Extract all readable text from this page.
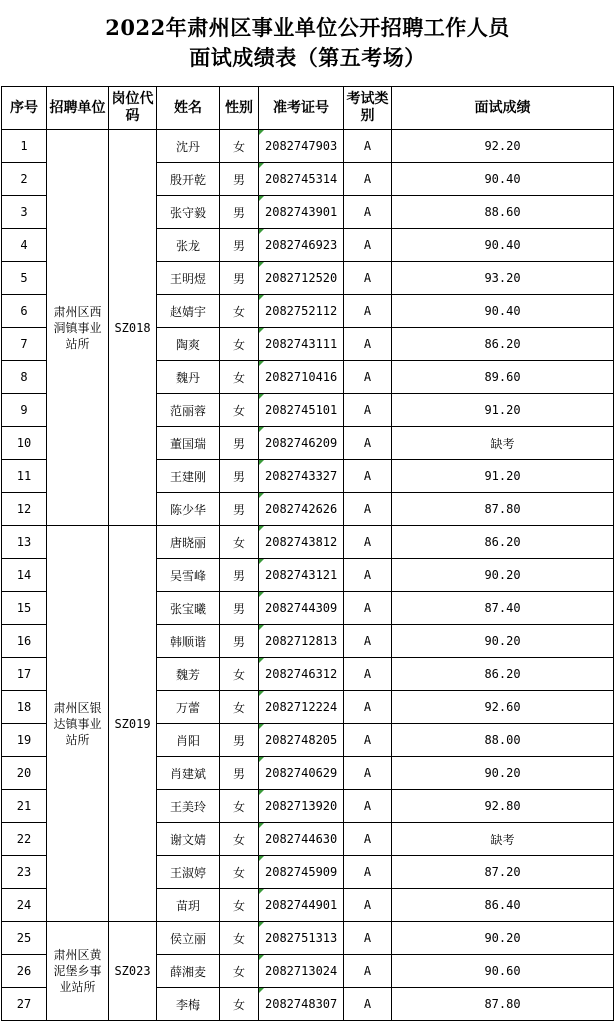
2022年肃州区事业单位公开招聘工作人员
面试成绩表（第五考场）
序号	招聘单位	岗位代码	姓名	性别	准考证号	考试类别	面试成绩
1	肃州区西洞镇事业站所	SZ018	沈丹	女	2082747903	A	92.20
2			殷开乾	男	2082745314	A	90.40
3			张守毅	男	2082743901	A	88.60
4			张龙	男	2082746923	A	90.40
5			王明煜	男	2082712520	A	93.20
6			赵婧宇	女	2082752112	A	90.40
7			陶爽	女	2082743111	A	86.20
8			魏丹	女	2082710416	A	89.60
9			范丽蓉	女	2082745101	A	91.20
10			董国瑞	男	2082746209	A	缺考
11			王建刚	男	2082743327	A	91.20
12			陈少华	男	2082742626	A	87.80
13	肃州区银达镇事业站所	SZ019	唐晓丽	女	2082743812	A	86.20
14			吴雪峰	男	2082743121	A	90.20
15			张宝曦	男	2082744309	A	87.40
16			韩顺谐	男	2082712813	A	90.20
17			魏芳	女	2082746312	A	86.20
18			万蕾	女	2082712224	A	92.60
19			肖阳	男	2082748205	A	88.00
20			肖建斌	男	2082740629	A	90.20
21			王美玲	女	2082713920	A	92.80
22			谢文婧	女	2082744630	A	缺考
23			王淑婷	女	2082745909	A	87.20
24			苗玥	女	2082744901	A	86.40
25	肃州区黄泥堡乡事业站所	SZ023	侯立丽	女	2082751313	A	90.20
26			薛湘麦	女	2082713024	A	90.60
27			李梅	女	2082748307	A	87.80
